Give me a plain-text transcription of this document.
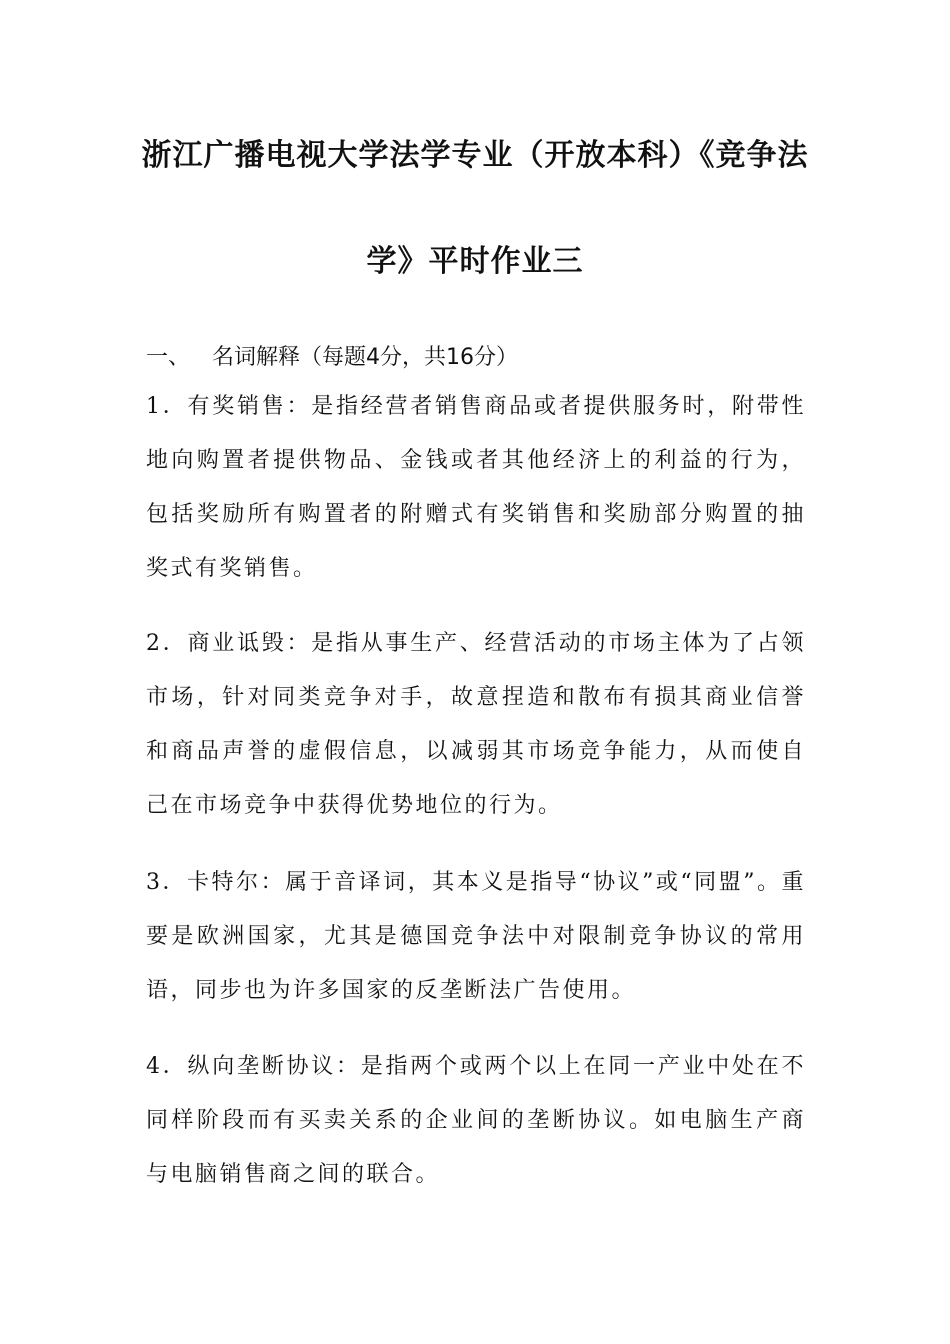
浙江广播电视大学法学专业（开放本科）《竞争法
学》平时作业三
一、 名词解释（每题4分，共16分）
1．有奖销售：是指经营者销售商品或者提供服务时，附带性地向购置者提供物品、金钱或者其他经济上的利益的行为，包括奖励所有购置者的附赠式有奖销售和奖励部分购置的抽奖式有奖销售。
2．商业诋毁：是指从事生产、经营活动的市场主体为了占领市场，针对同类竞争对手，故意捏造和散布有损其商业信誉和商品声誉的虚假信息，以减弱其市场竞争能力，从而使自己在市场竞争中获得优势地位的行为。
3．卡特尔：属于音译词，其本义是指导“协议”或“同盟”。重要是欧洲国家，尤其是德国竞争法中对限制竞争协议的常用语，同步也为许多国家的反垄断法广告使用。
4．纵向垄断协议：是指两个或两个以上在同一产业中处在不同样阶段而有买卖关系的企业间的垄断协议。如电脑生产商与电脑销售商之间的联合。
